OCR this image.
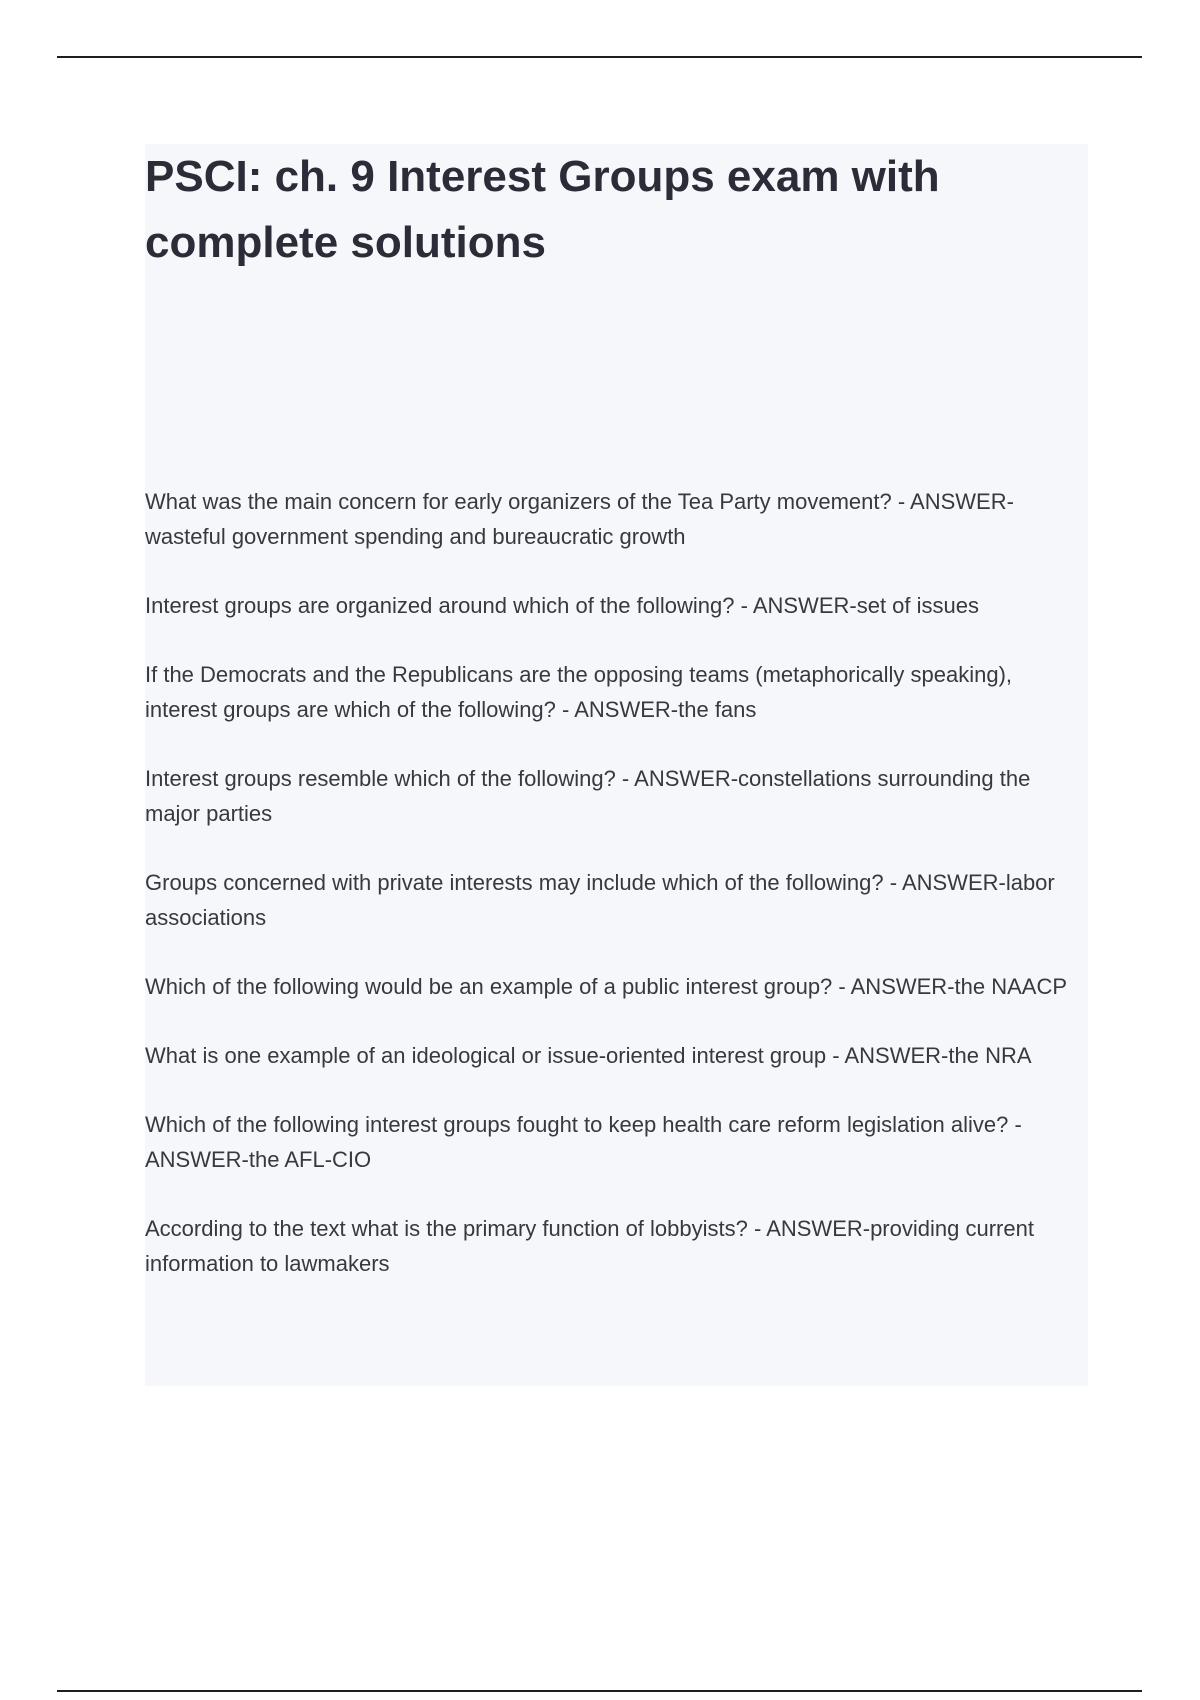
PSCI: ch. 9 Interest Groups exam with complete solutions

What was the main concern for early organizers of the Tea Party movement? - ANSWER-wasteful government spending and bureaucratic growth

Interest groups are organized around which of the following? - ANSWER-set of issues

If the Democrats and the Republicans are the opposing teams (metaphorically speaking), interest groups are which of the following? - ANSWER-the fans

Interest groups resemble which of the following? - ANSWER-constellations surrounding the major parties

Groups concerned with private interests may include which of the following? - ANSWER-labor associations

Which of the following would be an example of a public interest group? - ANSWER-the NAACP

What is one example of an ideological or issue-oriented interest group - ANSWER-the NRA

Which of the following interest groups fought to keep health care reform legislation alive? - ANSWER-the AFL-CIO

According to the text what is the primary function of lobbyists? - ANSWER-providing current information to lawmakers
